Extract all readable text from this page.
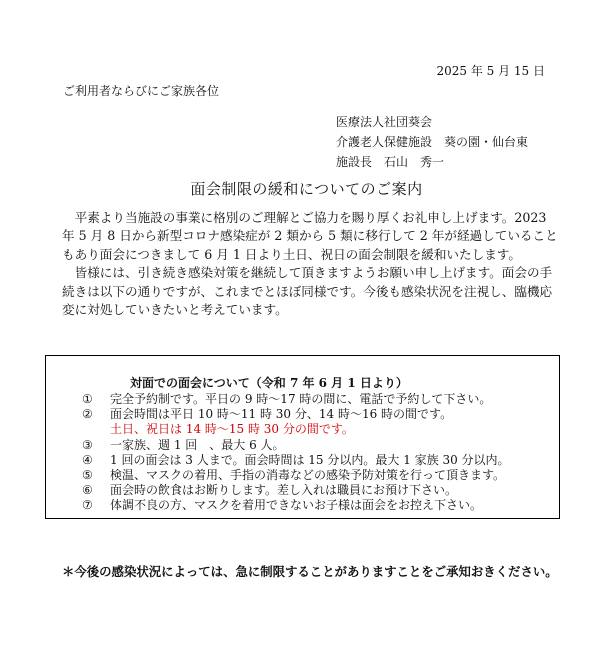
2025 年 5 月 15 日
ご利用者ならびにご家族各位
医療法人社団葵会
介護老人保健施設　葵の園・仙台東
施設長　石山　秀一
面会制限の緩和についてのご案内

平素より当施設の事業に格別のご理解とご協力を賜り厚くお礼申し上げます。2023 年 5 月 8 日から新型コロナ感染症が 2 類から 5 類に移行して 2 年が経過していることもあり面会につきまして 6 月 1 日より土日、祝日の面会制限を緩和いたします。

皆様には、引き続き感染対策を継続して頂きますようお願い申し上げます。面会の手続きは以下の通りですが、これまでとほぼ同様です。今後も感染状況を注視し、臨機応変に対処していきたいと考えています。

対面での面会について（令和 7 年 6 月 1 日より）
①	完全予約制です。平日の 9 時～17 時の間に、電話で予約して下さい。
②	面会時間は平日 10 時～11 時 30 分、14 時～16 時の間です。
土日、祝日は 14 時～15 時 30 分の間です。
③	一家族、週 1 回　、最大 6 人。
④	1 回の面会は 3 人まで。面会時間は 15 分以内。最大 1 家族 30 分以内。
⑤	検温、マスクの着用、手指の消毒などの感染予防対策を行って頂きます。
⑥	面会時の飲食はお断りします。差し入れは職員にお預け下さい。
⑦	体調不良の方、マスクを着用できないお子様は面会をお控え下さい。
＊今後の感染状況によっては、急に制限することがありますことをご承知おきください。
